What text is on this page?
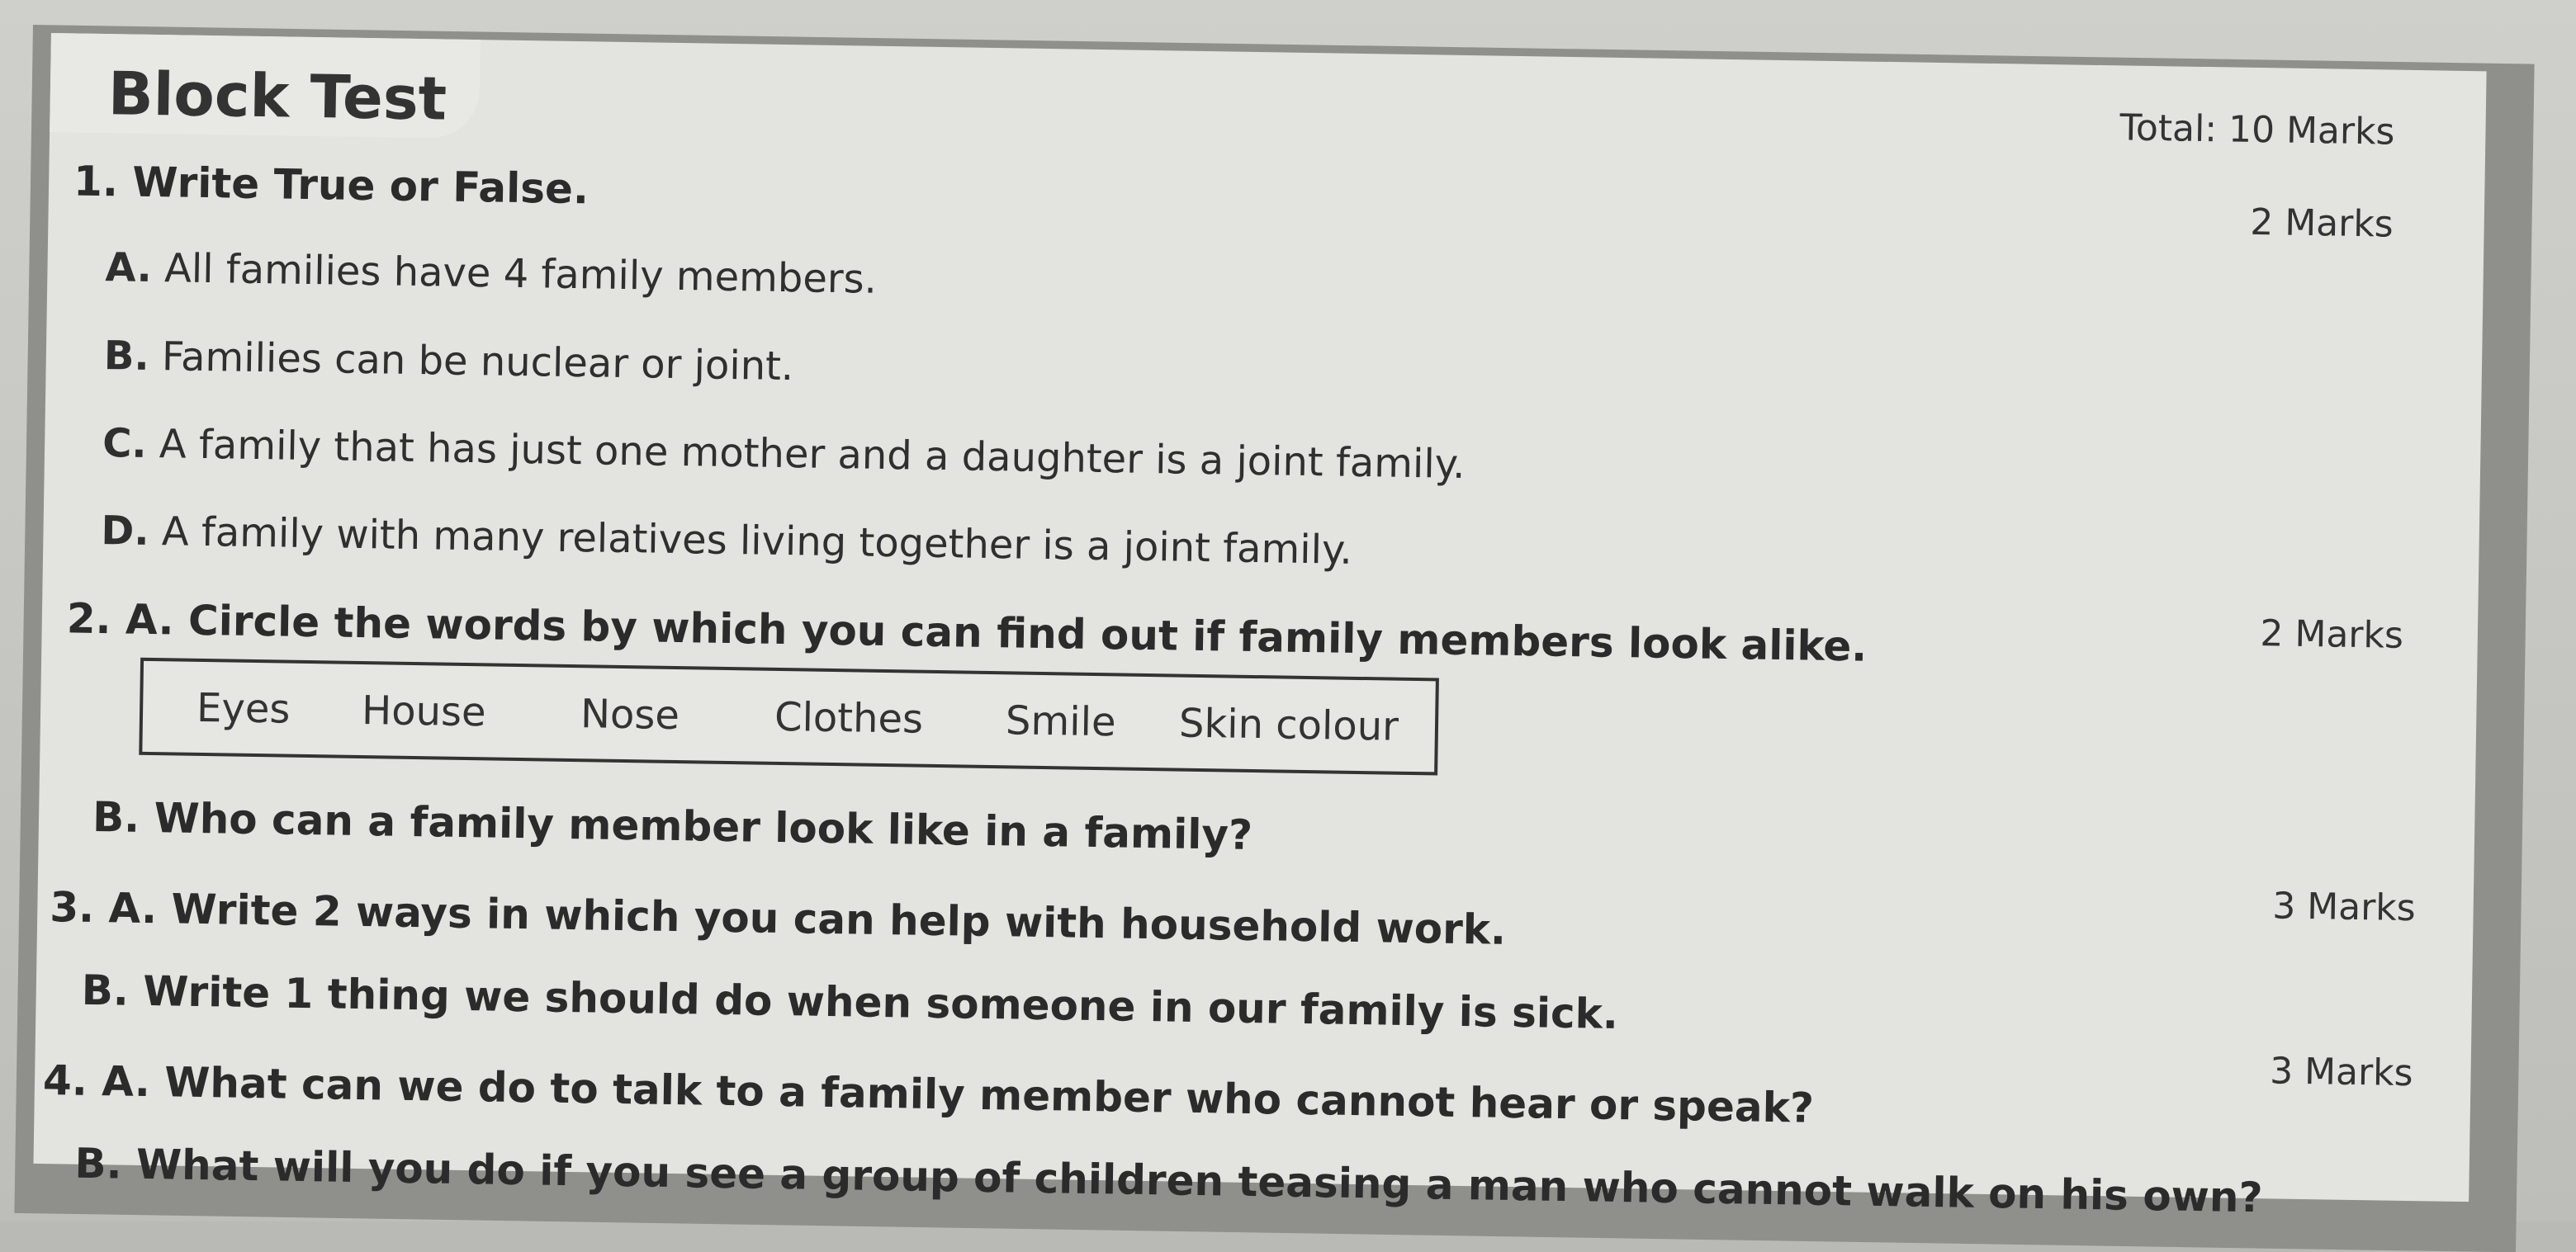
Block Test	Total: 10 Marks
1. Write True or False.
2 Marks
A. All families have 4 family members.
B. Families can be nuclear or joint.
C. A family that has just one mother and a daughter is a joint family.
D. A family with many relatives living together is a joint family.
2. A. Circle the words by which you can find out if family members look alike.	2 Marks
Eyes House Nose Clothes Smile Skin colour
B. Who can a family member look like in a family?
3. A. Write 2 ways in which you can help with household work.	3 Marks
B. Write 1 thing we should do when someone in our family is sick.
4. A. What can we do to talk to a family member who cannot hear or speak?	3 Marks
B. What will you do if you see a group of children teasing a man who cannot walk on his own?
